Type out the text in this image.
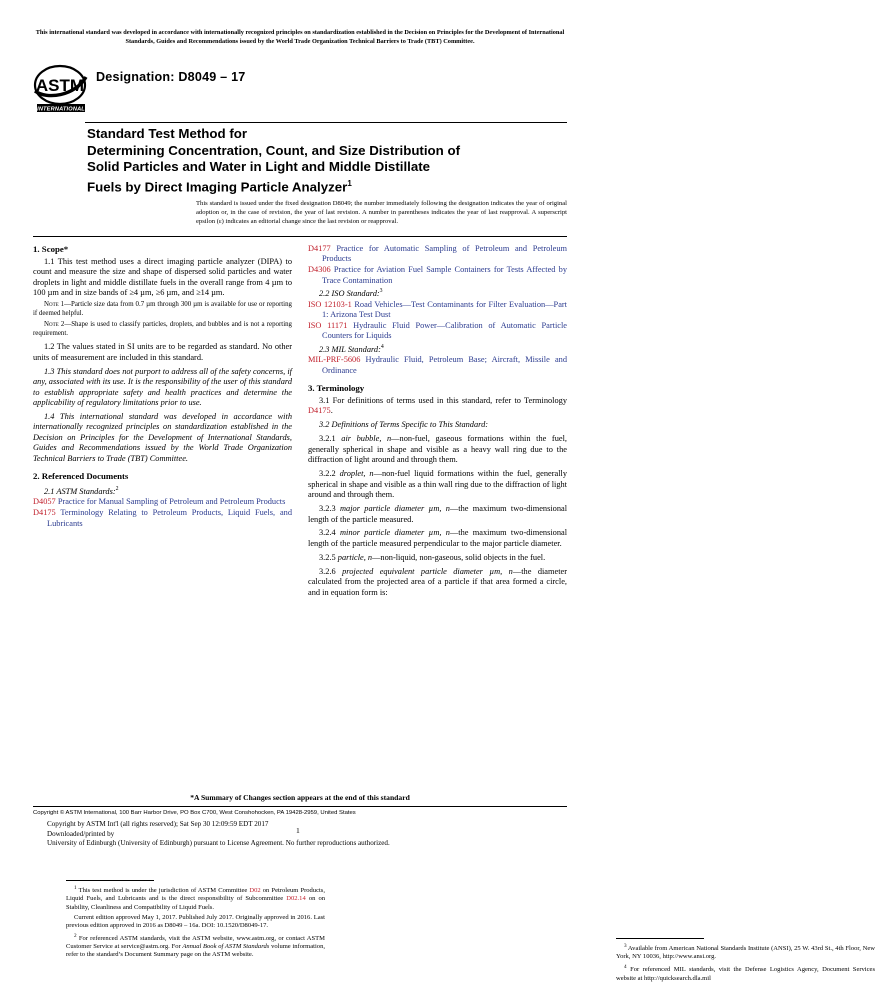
This international standard was developed in accordance with internationally recognized principles on standardization established in the Decision on Principles for the Development of International Standards, Guides and Recommendations issued by the World Trade Organization Technical Barriers to Trade (TBT) Committee.
ASTM
INTERNATIONAL
Designation: D8049 – 17
Standard Test Method for
Determining Concentration, Count, and Size Distribution of
Solid Particles and Water in Light and Middle Distillate
Fuels by Direct Imaging Particle Analyzer$^1$
This standard is issued under the fixed designation D8049; the number immediately following the designation indicates the year of original adoption or, in the case of revision, the year of last revision. A number in parentheses indicates the year of last reapproval. A superscript epsilon (ε) indicates an editorial change since the last revision or reapproval.
1. Scope*

1.1 This test method uses a direct imaging particle analyzer (DIPA) to count and measure the size and shape of dispersed solid particles and water droplets in light and middle distillate fuels in the overall range from 4 µm to 100 µm and in size bands of ≥4 µm, ≥6 µm, and ≥14 µm.

Note 1—Particle size data from 0.7 µm through 300 µm is available for use or reporting if deemed helpful.

Note 2—Shape is used to classify particles, droplets, and bubbles and is not a reporting requirement.

1.2 The values stated in SI units are to be regarded as standard. No other units of measurement are included in this standard.

1.3 This standard does not purport to address all of the safety concerns, if any, associated with its use. It is the responsibility of the user of this standard to establish appropriate safety and health practices and determine the applicability of regulatory limitations prior to use.

1.4 This international standard was developed in accordance with internationally recognized principles on standardization established in the Decision on Principles for the Development of International Standards, Guides and Recommendations issued by the World Trade Organization Technical Barriers to Trade (TBT) Committee.

2. Referenced Documents

2.1 ASTM Standards:$^2$

D4057 Practice for Manual Sampling of Petroleum and Petroleum Products

D4175 Terminology Relating to Petroleum Products, Liquid Fuels, and Lubricants

$^1$ This test method is under the jurisdiction of ASTM Committee D02 on Petroleum Products, Liquid Fuels, and Lubricants and is the direct responsibility of Subcommittee D02.14 on on Stability, Cleanliness and Compatibility of Liquid Fuels.

Current edition approved May 1, 2017. Published July 2017. Originally approved in 2016. Last previous edition approved in 2016 as D8049 – 16a. DOI: 10.1520/D8049-17.

$^2$ For referenced ASTM standards, visit the ASTM website, www.astm.org, or contact ASTM Customer Service at service@astm.org. For Annual Book of ASTM Standards volume information, refer to the standard’s Document Summary page on the ASTM website.

D4177 Practice for Automatic Sampling of Petroleum and Petroleum Products

D4306 Practice for Aviation Fuel Sample Containers for Tests Affected by Trace Contamination

2.2 ISO Standard:$^3$

ISO 12103-1 Road Vehicles—Test Contaminants for Filter Evaluation—Part 1: Arizona Test Dust

ISO 11171 Hydraulic Fluid Power—Calibration of Automatic Particle Counters for Liquids

2.3 MIL Standard:$^4$

MIL-PRF-5606 Hydraulic Fluid, Petroleum Base; Aircraft, Missile and Ordinance

3. Terminology

3.1 For definitions of terms used in this standard, refer to Terminology D4175.

3.2 Definitions of Terms Specific to This Standard:

3.2.1 air bubble, n—non-fuel, gaseous formations within the fuel, generally spherical in shape and visible as a heavy wall ring due to the diffraction of light around and through them.

3.2.2 droplet, n—non-fuel liquid formations within the fuel, generally spherical in shape and visible as a thin wall ring due to the diffraction of light around and through them.

3.2.3 major particle diameter µm, n—the maximum two-dimensional length of the particle measured.

3.2.4 minor particle diameter µm, n—the maximum two-dimensional length of the particle measured perpendicular to the major particle diameter.

3.2.5 particle, n—non-liquid, non-gaseous, solid objects in the fuel.

3.2.6 projected equivalent particle diameter µm, n—the diameter calculated from the projected area of a particle if that area formed a circle, and in equation form is:

$^3$ Available from American National Standards Institute (ANSI), 25 W. 43rd St., 4th Floor, New York, NY 10036, http://www.ansi.org.

$^4$ For referenced MIL standards, visit the Defense Logistics Agency, Document Services website at http://quicksearch.dla.mil

*A Summary of Changes section appears at the end of this standard
Copyright © ASTM International, 100 Barr Harbor Drive, PO Box C700, West Conshohocken, PA 19428-2959, United States
Copyright by ASTM Int'l (all rights reserved); Sat Sep 30 12:09:59 EDT 2017
Downloaded/printed by
University of Edinburgh (University of Edinburgh) pursuant to License Agreement. No further reproductions authorized.
1
